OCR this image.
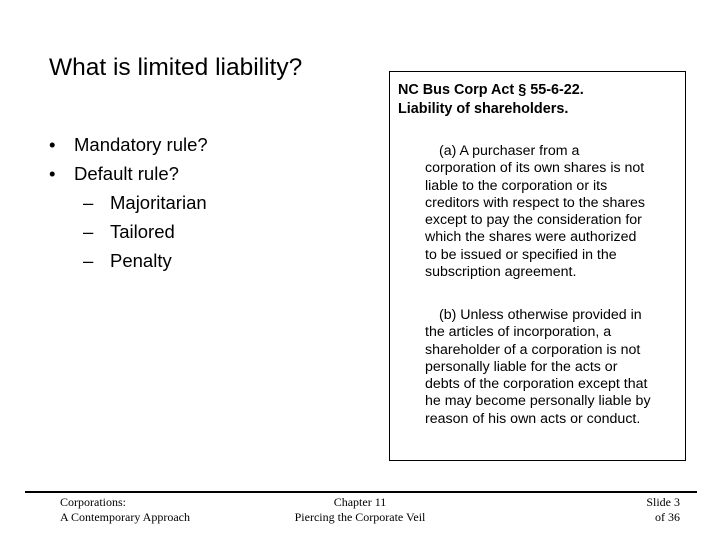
What is limited liability?
•	Mandatory rule?
•	Default rule?
– Majoritarian
– Tailored
– Penalty
NC Bus Corp Act § 55-6-22.
Liability of shareholders.
(a) A purchaser from a
corporation of its own shares is not
liable to the corporation or its
creditors with respect to the shares
except to pay the consideration for
which the shares were authorized
to be issued or specified in the
subscription agreement.
(b) Unless otherwise provided in
the articles of incorporation, a
shareholder of a corporation is not
personally liable for the acts or
debts of the corporation except that
he may become personally liable by
reason of his own acts or conduct.
Corporations:
A Contemporary Approach
Chapter 11
Piercing the Corporate Veil
Slide 3
of 36
